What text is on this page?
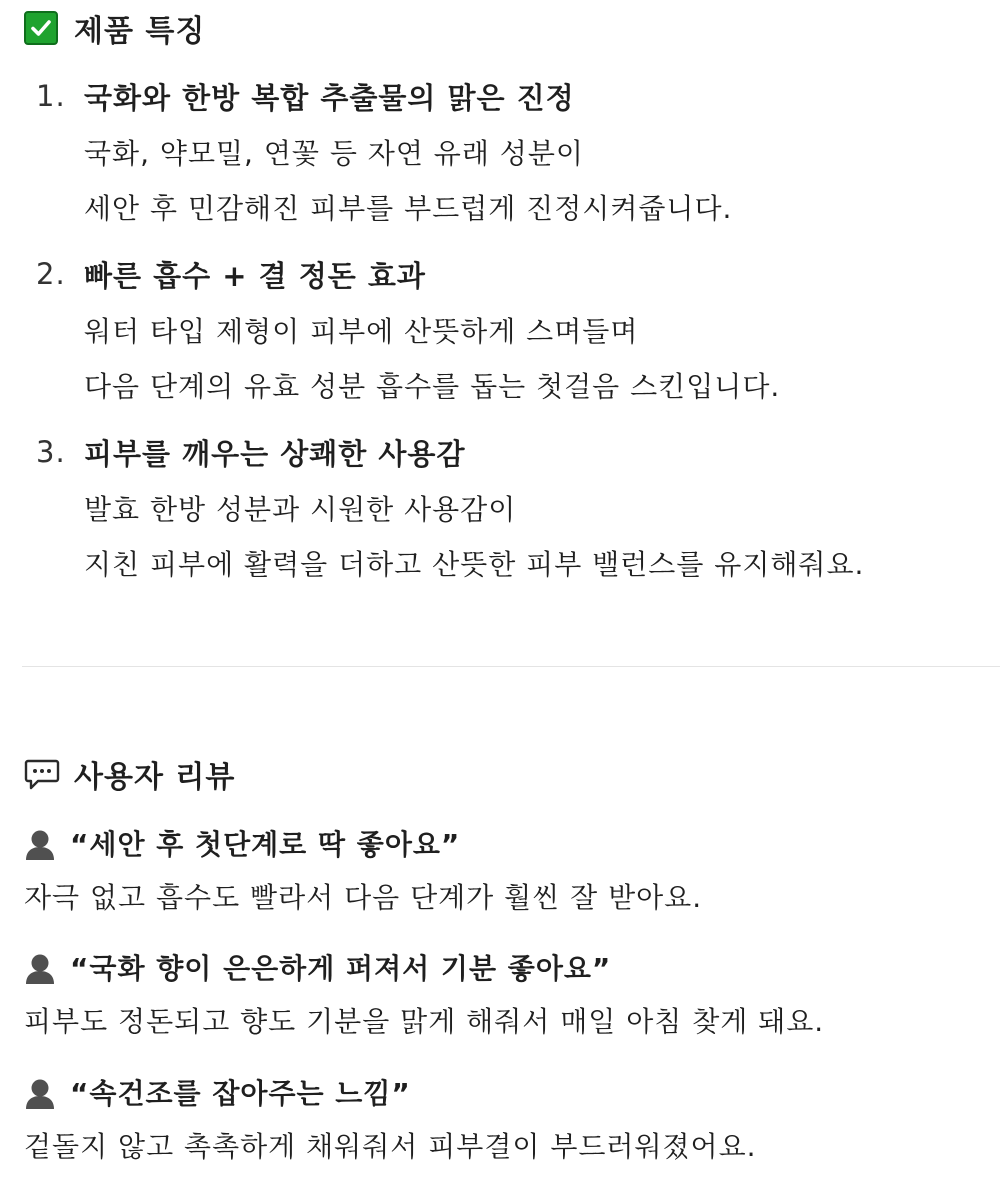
제품 특징
1. 국화와 한방 복합 추출물의 맑은 진정
국화, 약모밀, 연꽃 등 자연 유래 성분이
세안 후 민감해진 피부를 부드럽게 진정시켜줍니다.
2. 빠른 흡수 + 결 정돈 효과
워터 타입 제형이 피부에 산뜻하게 스며들며
다음 단계의 유효 성분 흡수를 돕는 첫걸음 스킨입니다.
3. 피부를 깨우는 상쾌한 사용감
발효 한방 성분과 시원한 사용감이
지친 피부에 활력을 더하고 산뜻한 피부 밸런스를 유지해줘요.
사용자 리뷰
“세안 후 첫단계로 딱 좋아요”
자극 없고 흡수도 빨라서 다음 단계가 훨씬 잘 받아요.
“국화 향이 은은하게 퍼져서 기분 좋아요”
피부도 정돈되고 향도 기분을 맑게 해줘서 매일 아침 찾게 돼요.
“속건조를 잡아주는 느낌”
겉돌지 않고 촉촉하게 채워줘서 피부결이 부드러워졌어요.
